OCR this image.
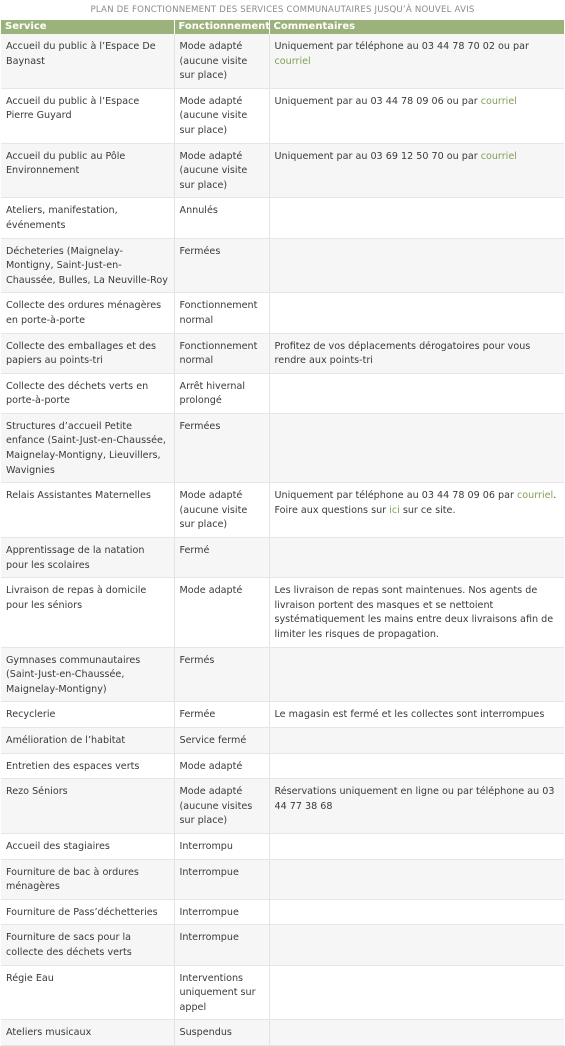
PLAN DE FONCTIONNEMENT DES SERVICES COMMUNAUTAIRES JUSQU’À NOUVEL AVIS
Service	Fonctionnement	Commentaires
Accueil du public à l’Espace De Baynast	Mode adapté (aucune visite sur place)	Uniquement par téléphone au 03 44 78 70 02 ou par courriel
Accueil du public à l’Espace Pierre Guyard	Mode adapté (aucune visite sur place)	Uniquement par au 03 44 78 09 06 ou par courriel
Accueil du public au Pôle Environnement	Mode adapté (aucune visite sur place)	Uniquement par au 03 69 12 50 70 ou par courriel
Ateliers, manifestation, événements	Annulés	
Décheteries (Maignelay-Montigny, Saint-Just-en-Chaussée, Bulles, La Neuville-Roy	Fermées	
Collecte des ordures ménagères en porte-à-porte	Fonctionnement normal	
Collecte des emballages et des papiers au points-tri	Fonctionnement normal	Profitez de vos déplacements dérogatoires pour vous rendre aux points-tri
Collecte des déchets verts en porte-à-porte	Arrêt hivernal prolongé	
Structures d’accueil Petite enfance (Saint-Just-en-Chaussée, Maignelay-Montigny, Lieuvillers, Wavignies	Fermées	
Relais Assistantes Maternelles	Mode adapté (aucune visite sur place)	Uniquement par téléphone au 03 44 78 09 06 par courriel. Foire aux questions sur ici sur ce site.
Apprentissage de la natation pour les scolaires	Fermé	
Livraison de repas à domicile pour les séniors	Mode adapté	Les livraison de repas sont maintenues. Nos agents de livraison portent des masques et se nettoient systématiquement les mains entre deux livraisons afin de limiter les risques de propagation.
Gymnases communautaires (Saint-Just-en-Chaussée, Maignelay-Montigny)	Fermés	
Recyclerie	Fermée	Le magasin est fermé et les collectes sont interrompues
Amélioration de l’habitat	Service fermé	
Entretien des espaces verts	Mode adapté	
Rezo Séniors	Mode adapté (aucune visites sur place)	Réservations uniquement en ligne ou par téléphone au 03 44 77 38 68
Accueil des stagiaires	Interrompu	
Fourniture de bac à ordures ménagères	Interrompue	
Fourniture de Pass’déchetteries	Interrompue	
Fourniture de sacs pour la collecte des déchets verts	Interrompue	
Régie Eau	Interventions uniquement sur appel	
Ateliers musicaux	Suspendus	
